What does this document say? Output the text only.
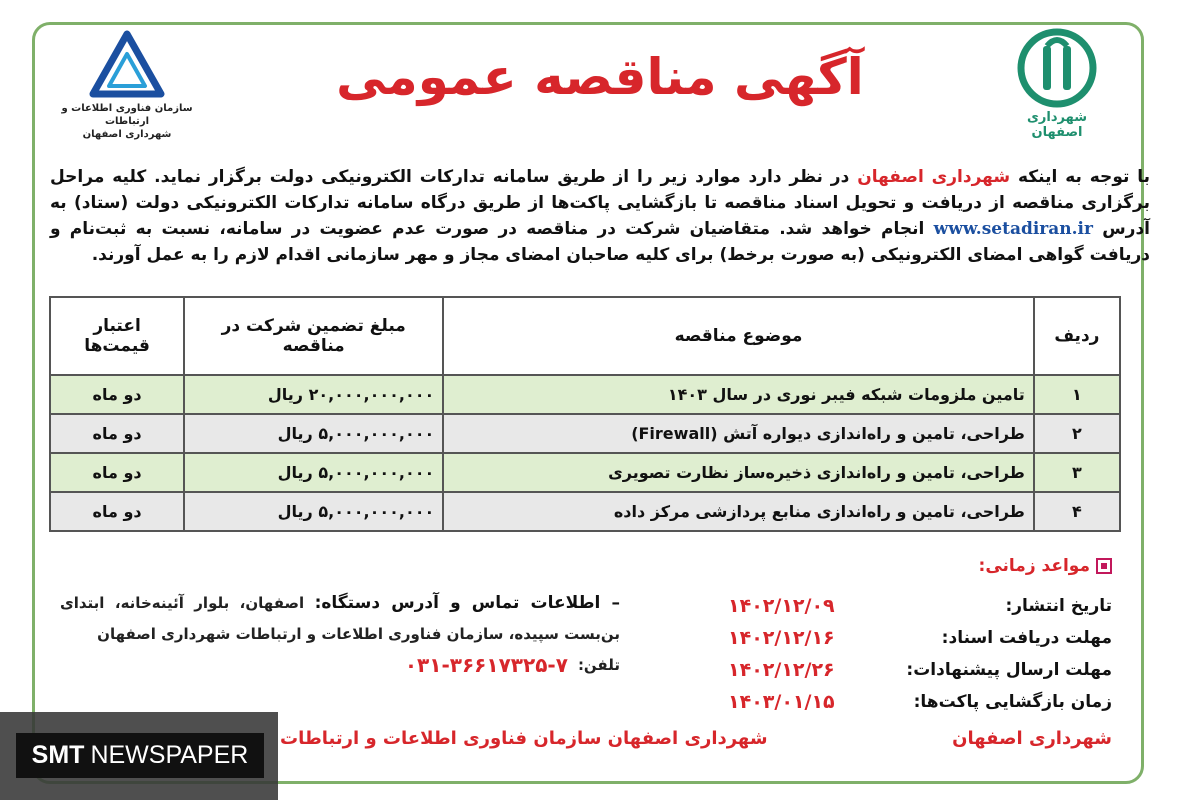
شهرداری اصفهان
سازمان فناوری اطلاعات و ارتباطات
شهرداری اصفهان
آگهی مناقصه عمومی
با توجه به اینکه شهرداری اصفهان در نظر دارد موارد زیر را از طریق سامانه تدارکات الکترونیکی دولت برگزار نماید. کلیه مراحل برگزاری مناقصه از دریافت و تحویل اسناد مناقصه تا بازگشایی پاکت‌ها از طریق درگاه سامانه تدارکات الکترونیکی دولت (ستاد) به آدرس www.setadiran.ir انجام خواهد شد. متقاضیان شرکت در مناقصه در صورت عدم عضویت در سامانه، نسبت به ثبت‌نام و دریافت گواهی امضای الکترونیکی (به صورت برخط) برای کلیه صاحبان امضای مجاز و مهر سازمانی اقدام لازم را به عمل آورند.
ردیف	موضوع مناقصه	مبلغ تضمین شرکت در مناقصه	اعتبار قیمت‌ها
۱	تامین ملزومات شبکه فیبر نوری در سال ۱۴۰۳	۲۰,۰۰۰,۰۰۰,۰۰۰ ریال	دو ماه
۲	طراحی، تامین و راه‌اندازی دیواره آتش (Firewall)	۵,۰۰۰,۰۰۰,۰۰۰ ریال	دو ماه
۳	طراحی، تامین و راه‌اندازی ذخیره‌ساز نظارت تصویری	۵,۰۰۰,۰۰۰,۰۰۰ ریال	دو ماه
۴	طراحی، تامین و راه‌اندازی منابع پردازشی مرکز داده	۵,۰۰۰,۰۰۰,۰۰۰ ریال	دو ماه
مواعد زمانی:
تاریخ انتشار:
۱۴۰۲/۱۲/۰۹
مهلت دریافت اسناد:
۱۴۰۲/۱۲/۱۶
مهلت ارسال پیشنهادات:
۱۴۰۲/۱۲/۲۶
زمان بازگشایی پاکت‌ها:
۱۴۰۳/۰۱/۱۵
– اطلاعات تماس و آدرس دستگاه: اصفهان، بلوار آئینه‌خانه، ابتدای بن‌بست سپیده، سازمان فناوری اطلاعات و ارتباطات شهرداری اصفهان
تلفن:
۰۳۱-۳۶۶۱۷۳۲۵-۷
شهرداری اصفهان
شهرداری اصفهان سازمان فناوری اطلاعات و ارتباطات
SMT NEWSPAPER
